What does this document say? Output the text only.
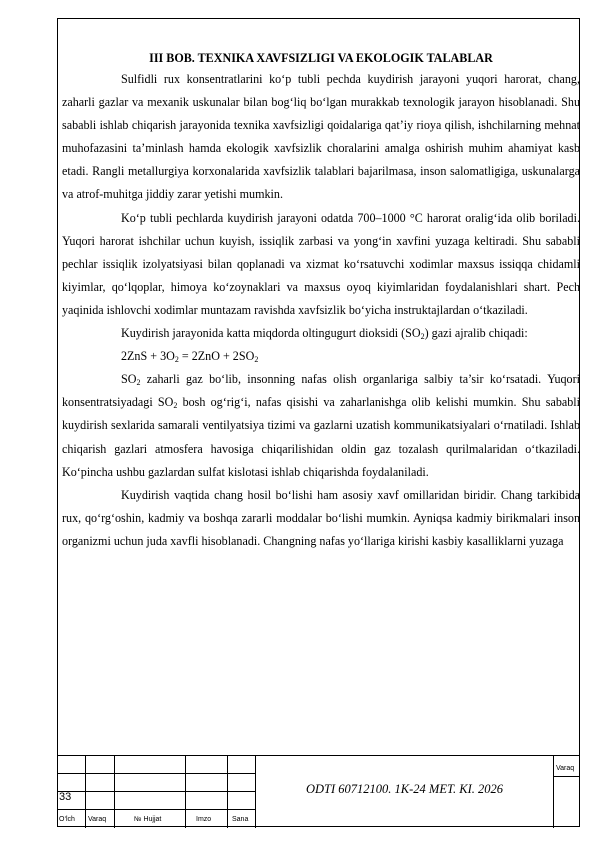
III BOB. TEXNIKA XAVFSIZLIGI VA EKOLOGIK TALABLAR

Sulfidli rux konsentratlarini ko‘p tubli pechda kuydirish jarayoni yuqori harorat, chang, zaharli gazlar va mexanik uskunalar bilan bog‘liq bo‘lgan murakkab texnologik jarayon hisoblanadi. Shu sababli ishlab chiqarish jarayonida texnika xavfsizligi qoidalariga qat’iy rioya qilish, ishchilarning mehnat muhofazasini ta’minlash hamda ekologik xavfsizlik choralarini amalga oshirish muhim ahamiyat kasb etadi. Rangli metallurgiya korxonalarida xavfsizlik talablari bajarilmasa, inson salomatligiga, uskunalarga va atrof-muhitga jiddiy zarar yetishi mumkin.

Ko‘p tubli pechlarda kuydirish jarayoni odatda 700–1000 °C harorat oralig‘ida olib boriladi. Yuqori harorat ishchilar uchun kuyish, issiqlik zarbasi va yong‘in xavfini yuzaga keltiradi. Shu sababli pechlar issiqlik izolyatsiyasi bilan qoplanadi va xizmat ko‘rsatuvchi xodimlar maxsus issiqqa chidamli kiyimlar, qo‘lqoplar, himoya ko‘zoynaklari va maxsus oyoq kiyimlaridan foydalanishlari shart. Pech yaqinida ishlovchi xodimlar muntazam ravishda xavfsizlik bo‘yicha instruktajlardan o‘tkaziladi.

Kuydirish jarayonida katta miqdorda oltingugurt dioksidi $(SO_2)$ gazi ajralib chiqadi:

$2ZnS + 3O_2 = 2ZnO + 2SO_2$

$SO_2$ zaharli gaz bo‘lib, insonning nafas olish organlariga salbiy ta’sir ko‘rsatadi. Yuqori konsentratsiyadagi $SO_2$ bosh og‘rig‘i, nafas qisishi va zaharlanishga olib kelishi mumkin. Shu sababli kuydirish sexlarida samarali ventilyatsiya tizimi va gazlarni uzatish kommunikatsiyalari o‘rnatiladi. Ishlab chiqarish gazlari atmosfera havosiga chiqarilishidan oldin gaz tozalash qurilmalaridan o‘tkaziladi. Ko‘pincha ushbu gazlardan sulfat kislotasi ishlab chiqarishda foydalaniladi.

Kuydirish vaqtida chang hosil bo‘lishi ham asosiy xavf omillaridan biridir. Chang tarkibida rux, qo‘rg‘oshin, kadmiy va boshqa zararli moddalar bo‘lishi mumkin. Ayniqsa kadmiy birikmalari inson organizmi uchun juda xavfli hisoblanadi. Changning nafas yo‘llariga kirishi kasbiy kasalliklarni yuzaga

33
ODTI 60712100. 1K-24 MET. KI. 2026
Varaq
O‘lch Varaq	№ Hujjat	Imzo	Sana
